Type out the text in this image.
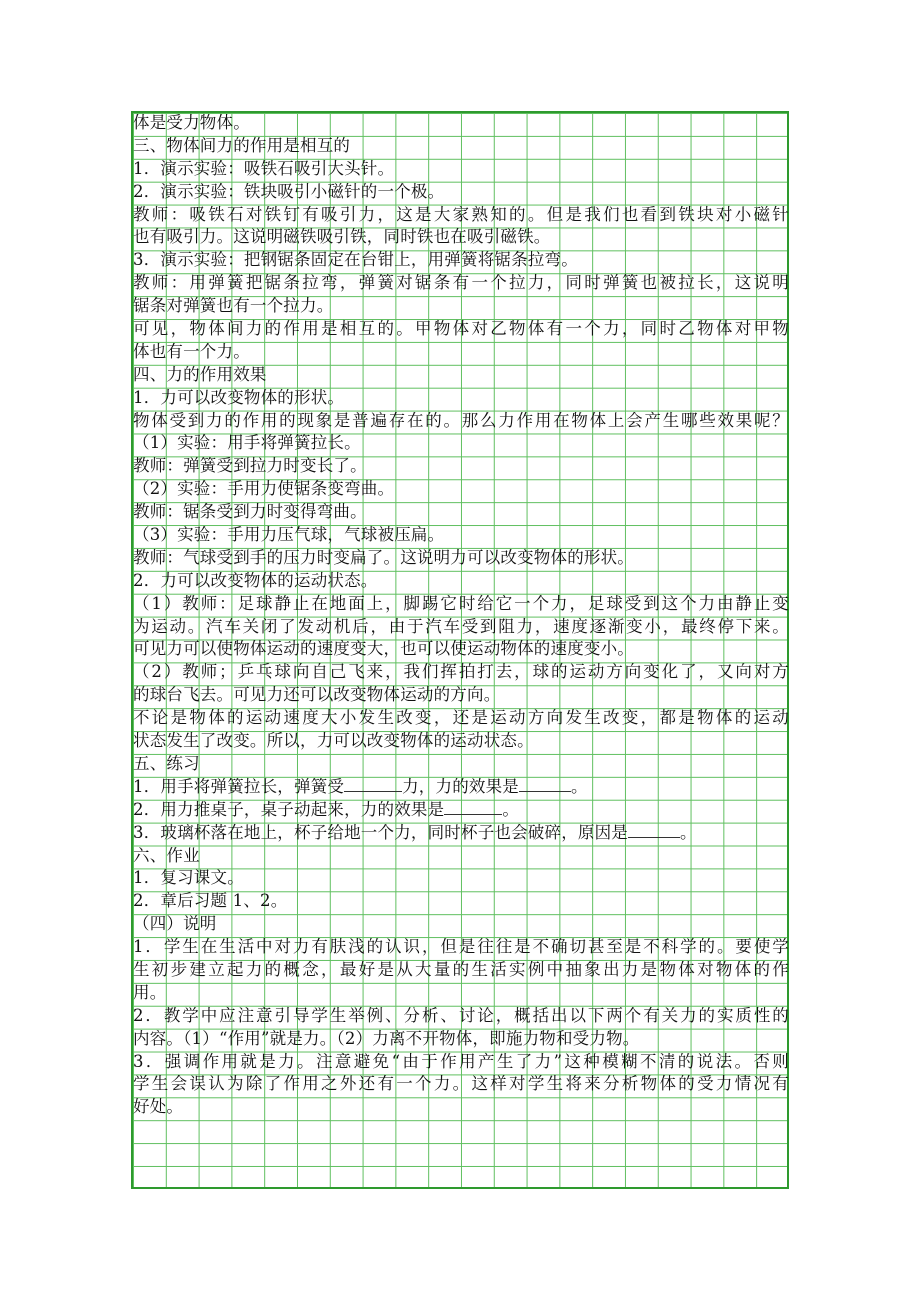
体是受力物体。
三、物体间力的作用是相互的
1．演示实验：吸铁石吸引大头针。
2．演示实验：铁块吸引小磁针的一个极。
教师：吸铁石对铁钉有吸引力，这是大家熟知的。但是我们也看到铁块对小磁针
也有吸引力。这说明磁铁吸引铁，同时铁也在吸引磁铁。
3．演示实验：把钢锯条固定在台钳上，用弹簧将锯条拉弯。
教师：用弹簧把锯条拉弯，弹簧对锯条有一个拉力，同时弹簧也被拉长，这说明
锯条对弹簧也有一个拉力。
可见，物体间力的作用是相互的。甲物体对乙物体有一个力，同时乙物体对甲物
体也有一个力。
四、力的作用效果
1．力可以改变物体的形状。
物体受到力的作用的现象是普遍存在的。那么力作用在物体上会产生哪些效果呢？
（1）实验：用手将弹簧拉长。
教师：弹簧受到拉力时变长了。
（2）实验：手用力使锯条变弯曲。
教师：锯条受到力时变得弯曲。
（3）实验：手用力压气球，气球被压扁。
教师：气球受到手的压力时变扁了。这说明力可以改变物体的形状。
2．力可以改变物体的运动状态。
（1）教师：足球静止在地面上，脚踢它时给它一个力，足球受到这个力由静止变
为运动。汽车关闭了发动机后，由于汽车受到阻力，速度逐渐变小，最终停下来。
可见力可以使物体运动的速度变大，也可以使运动物体的速度变小。
（2）教师；乒乓球向自己飞来，我们挥拍打去，球的运动方向变化了，又向对方
的球台飞去。可见力还可以改变物体运动的方向。
不论是物体的运动速度大小发生改变，还是运动方向发生改变，都是物体的运动
状态发生了改变。所以，力可以改变物体的运动状态。
五、练习
1．用手将弹簧拉长，弹簧受	力，力的效果是	。
2．用力推桌子，桌子动起来，力的效果是	。
3．玻璃杯落在地上，杯子给地一个力，同时杯子也会破碎，原因是	。
六、作业
1．复习课文。
2．章后习题 1、2。
（四）说明
1．学生在生活中对力有肤浅的认识，但是往往是不确切甚至是不科学的。要使学
生初步建立起力的概念，最好是从大量的生活实例中抽象出力是物体对物体的作
用。
2．教学中应注意引导学生举例、分析、讨论，概括出以下两个有关力的实质性的
内容。（1）“作用”就是力。（2）力离不开物体，即施力物和受力物。
3．强调作用就是力。注意避免“由于作用产生了力”这种模糊不清的说法。否则
学生会误认为除了作用之外还有一个力。这样对学生将来分析物体的受力情况有
好处。
